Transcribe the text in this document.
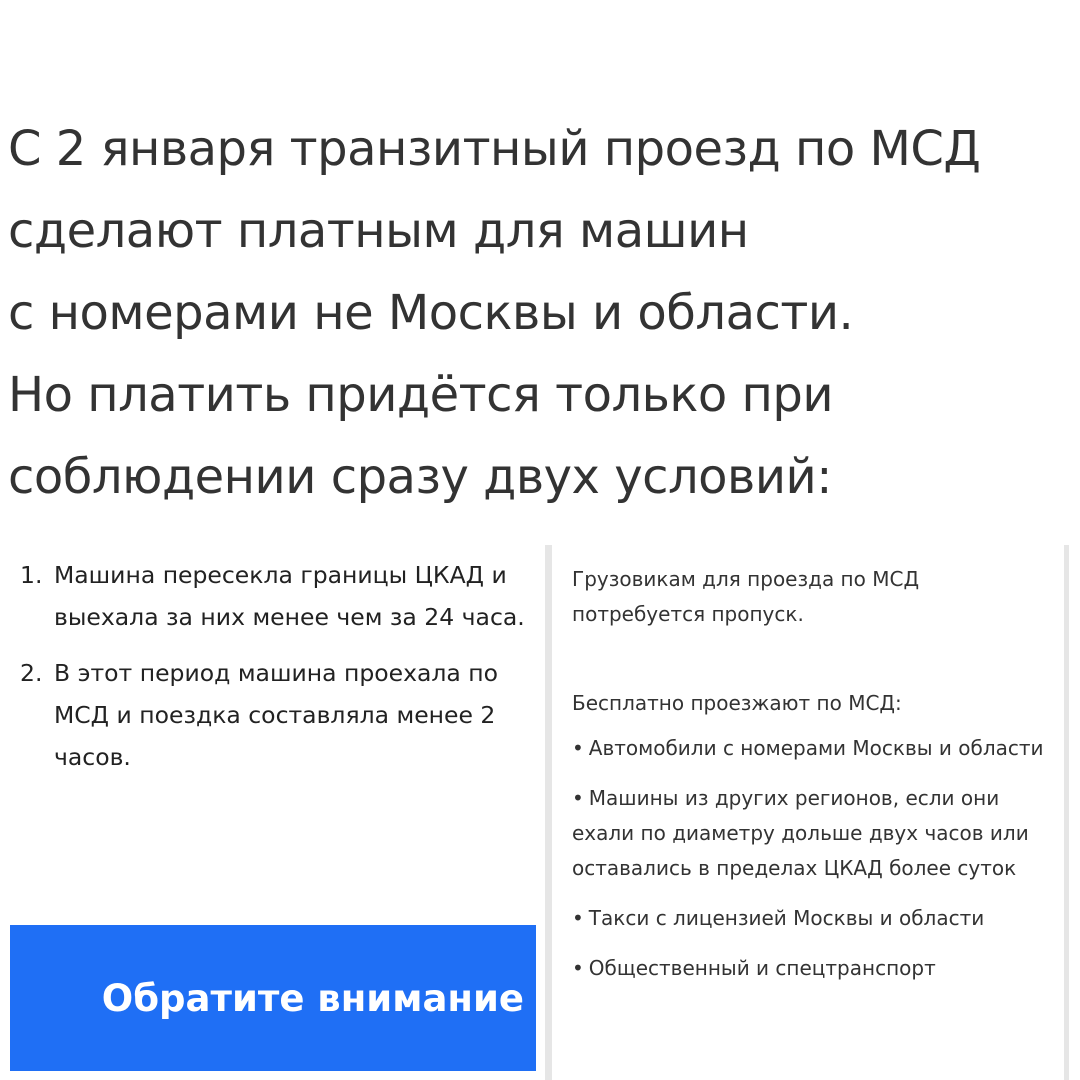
С 2 января транзитный проезд по МСД
сделают платным для машин
с номерами не Москвы и области.
Но платить придётся только при
соблюдении сразу двух условий:
1. Машина пересекла границы ЦКАД и выехала за них менее чем за 24 часа.
2. В этот период машина проехала по МСД и поездка составляла менее 2 часов.
Обратите внимание

Грузовикам для проезда по МСД потребуется пропуск.

Бесплатно проезжают по МСД:

• Автомобили с номерами Москвы и области
• Машины из других регионов, если они ехали по диаметру дольше двух часов или оставались в пределах ЦКАД более суток
• Такси с лицензией Москвы и области
• Общественный и спецтранспорт
